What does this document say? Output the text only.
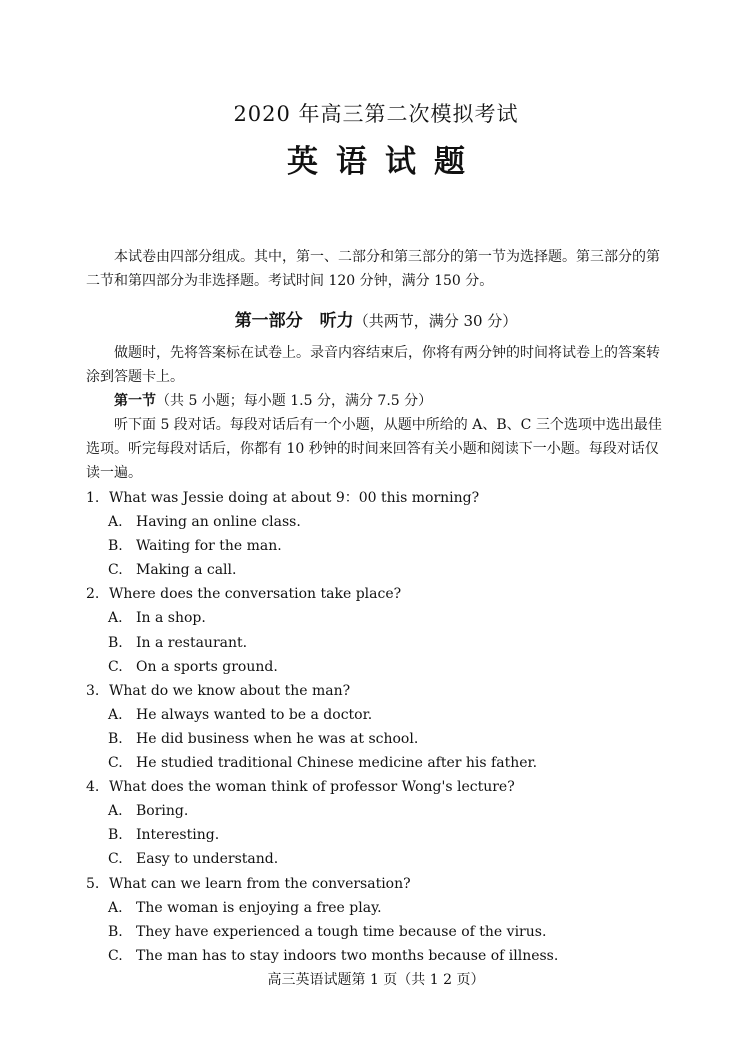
2020 年高三第二次模拟考试
英语试题

本试卷由四部分组成。其中，第一、二部分和第三部分的第一节为选择题。第三部分的第二节和第四部分为非选择题。考试时间 120 分钟，满分 150 分。

第一部分　听力（共两节，满分 30 分）

做题时，先将答案标在试卷上。录音内容结束后，你将有两分钟的时间将试卷上的答案转涂到答题卡上。

第一节（共 5 小题；每小题 1.5 分，满分 7.5 分）

听下面 5 段对话。每段对话后有一个小题，从题中所给的 A、B、C 三个选项中选出最佳选项。听完每段对话后，你都有 10 秒钟的时间来回答有关小题和阅读下一小题。每段对话仅读一遍。

1. What was Jessie doing at about 9：00 this morning?
A. Having an online class.
B. Waiting for the man.
C. Making a call.
2. Where does the conversation take place?
A. In a shop.
B. In a restaurant.
C. On a sports ground.
3. What do we know about the man?
A. He always wanted to be a doctor.
B. He did business when he was at school.
C. He studied traditional Chinese medicine after his father.
4. What does the woman think of professor Wong's lecture?
A. Boring.
B. Interesting.
C. Easy to understand.
5. What can we learn from the conversation?
A. The woman is enjoying a free play.
B. They have experienced a tough time because of the virus.
C. The man has to stay indoors two months because of illness.
高三英语试题第 1 页（共 1 2 页）
